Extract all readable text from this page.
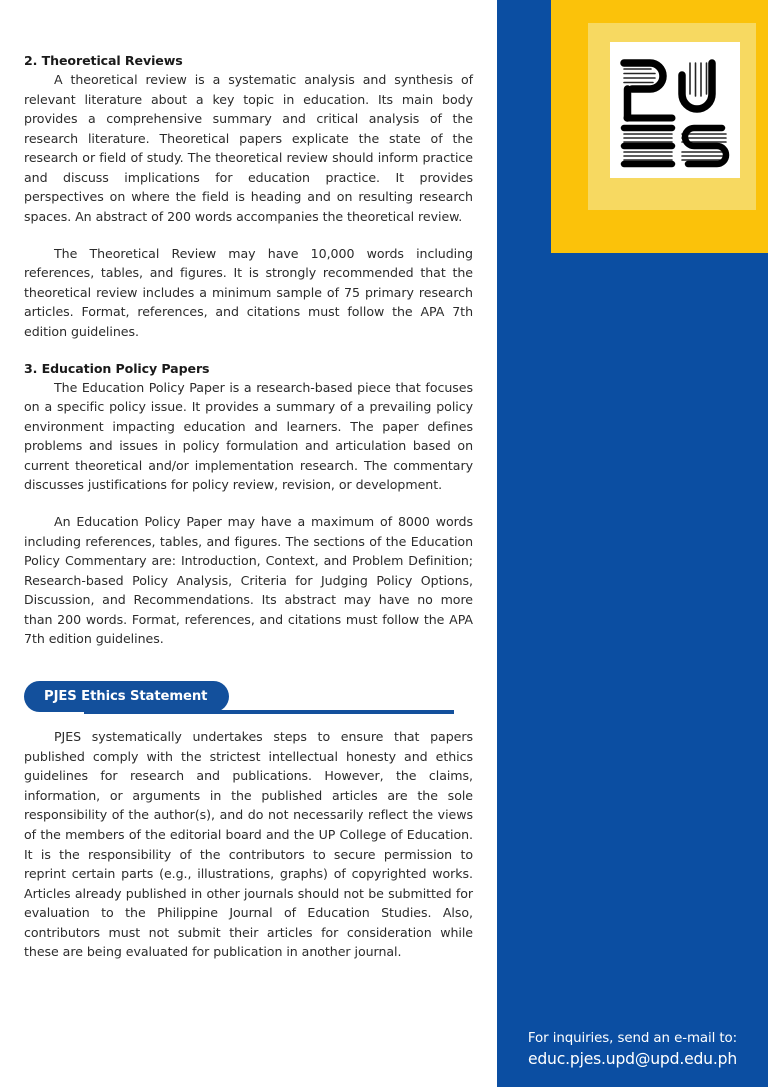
2. Theoretical Reviews

A theoretical review is a systematic analysis and synthesis of relevant literature about a key topic in education. Its main body provides a comprehensive summary and critical analysis of the research literature. Theoretical papers explicate the state of the research or field of study. The theoretical review should inform practice and discuss implications for education practice. It provides perspectives on where the field is heading and on resulting research spaces. An abstract of 200 words accompanies the theoretical review.

The Theoretical Review may have 10,000 words including references, tables, and figures. It is strongly recommended that the theoretical review includes a minimum sample of 75 primary research articles. Format, references, and citations must follow the APA 7th edition guidelines.

3. Education Policy Papers

The Education Policy Paper is a research-based piece that focuses on a specific policy issue. It provides a summary of a prevailing policy environment impacting education and learners. The paper defines problems and issues in policy formulation and articulation based on current theoretical and/or implementation research. The commentary discusses justifications for policy review, revision, or development.

An Education Policy Paper may have a maximum of 8000 words including references, tables, and figures. The sections of the Education Policy Commentary are: Introduction, Context, and Problem Definition; Research-based Policy Analysis, Criteria for Judging Policy Options, Discussion, and Recommendations. Its abstract may have no more than 200 words. Format, references, and citations must follow the APA 7th edition guidelines.

PJES Ethics Statement

PJES systematically undertakes steps to ensure that papers published comply with the strictest intellectual honesty and ethics guidelines for research and publications. However, the claims, information, or arguments in the published articles are the sole responsibility of the author(s), and do not necessarily reflect the views of the members of the editorial board and the UP College of Education. It is the responsibility of the contributors to secure permission to reprint certain parts (e.g., illustrations, graphs) of copyrighted works. Articles already published in other journals should not be submitted for evaluation to the Philippine Journal of Education Studies. Also, contributors must not submit their articles for consideration while these are being evaluated for publication in another journal.

For inquiries, send an e-mail to:
educ.pjes.upd@upd.edu.ph
